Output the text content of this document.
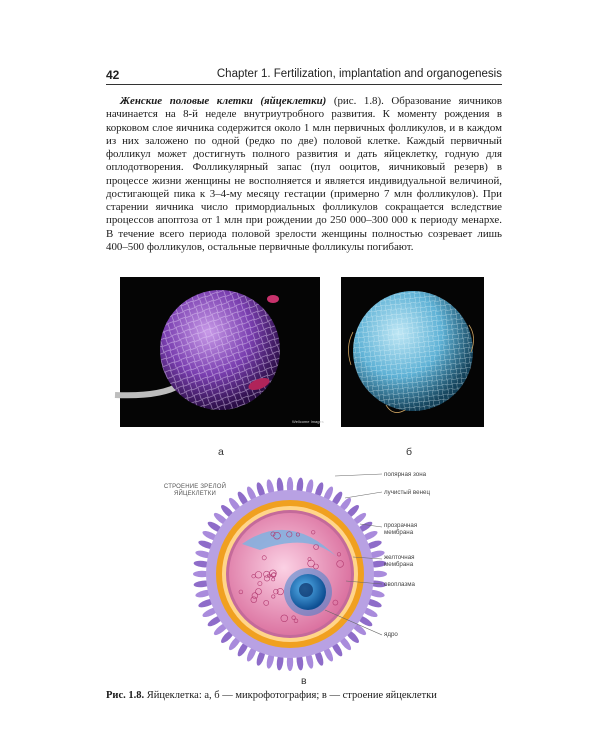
42	Chapter 1. Fertilization, implantation and organogenesis

Женские половые клетки (яйцеклетки) (рис. 1.8). Образование яичников начинается на 8-й неделе внутриутробного развития. К моменту рождения в корковом слое яичника содержится около 1 млн первичных фолликулов, и в каждом из них заложено по одной (редко по две) половой клетке. Каждый первичный фолликул может достигнуть полного развития и дать яйцеклетку, годную для оплодотворения. Фолликулярный запас (пул ооцитов, яичниковый резерв) в процессе жизни женщины не восполняется и является индивидуальной величиной, достигающей пика к 3–4-му месяцу гестации (примерно 7 млн фолликулов). При старении яичника число примордиальных фолликулов сокращается вследствие процессов апоптоза от 1 млн при рождении до 250 000–300 000 к периоду менархе. В течение всего периода половой зрелости женщины полностью созревает лишь 400–500 фолликулов, остальные первичные фолликулы погибают.

Wellcome Images
а	б
СТРОЕНИЕ ЗРЕЛОЙ ЯЙЦЕКЛЕТКИ
полярная зона
лучистый венец
прозрачная
мембрана
желточная
мембрана
овоплазма
ядро
в

Рис. 1.8. Яйцеклетка: а, б — микрофотография; в — строение яйцеклетки
